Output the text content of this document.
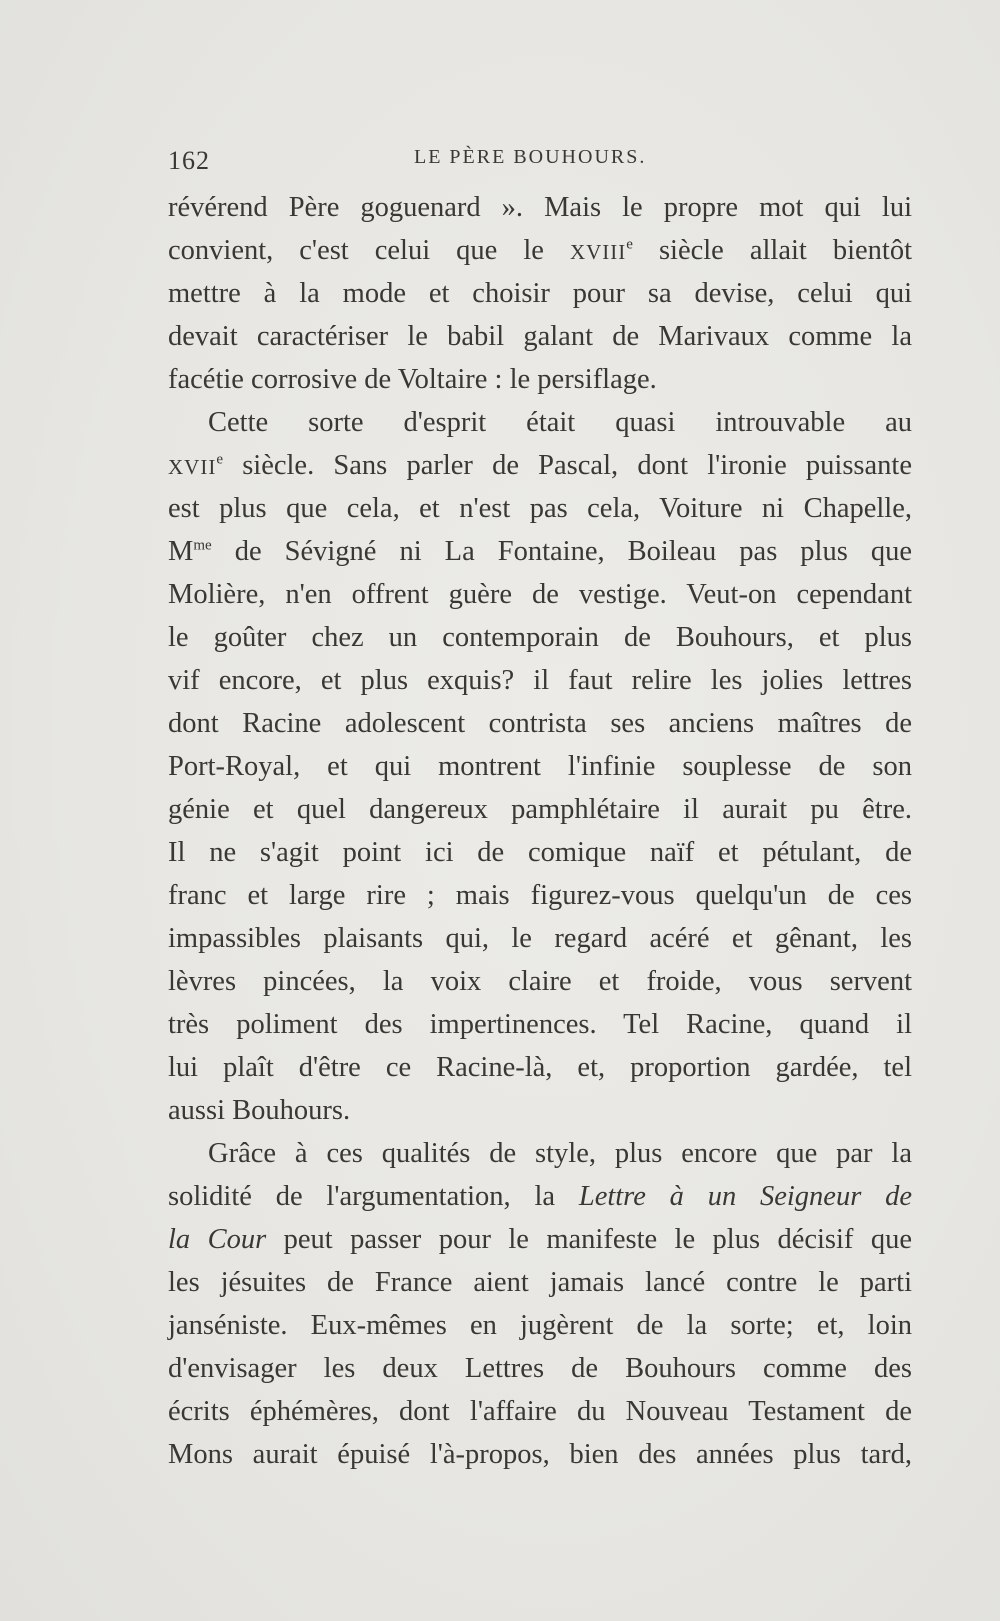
162	LE PÈRE BOUHOURS.
révérend Père goguenard ». Mais le propre mot qui lui
convient, c'est celui que le XVIIIe siècle allait bientôt
mettre à la mode et choisir pour sa devise, celui qui
devait caractériser le babil galant de Marivaux comme la
facétie corrosive de Voltaire : le persiflage.
Cette sorte d'esprit était quasi introuvable au
XVIIe siècle. Sans parler de Pascal, dont l'ironie puissante
est plus que cela, et n'est pas cela, Voiture ni Chapelle,
$M^{me}$ de Sévigné ni La Fontaine, Boileau pas plus que
Molière, n'en offrent guère de vestige. Veut-on cependant
le goûter chez un contemporain de Bouhours, et plus
vif encore, et plus exquis? il faut relire les jolies lettres
dont Racine adolescent contrista ses anciens maîtres de
Port-Royal, et qui montrent l'infinie souplesse de son
génie et quel dangereux pamphlétaire il aurait pu être.
Il ne s'agit point ici de comique naïf et pétulant, de
franc et large rire ; mais figurez-vous quelqu'un de ces
impassibles plaisants qui, le regard acéré et gênant, les
lèvres pincées, la voix claire et froide, vous servent
très poliment des impertinences. Tel Racine, quand il
lui plaît d'être ce Racine-là, et, proportion gardée, tel
aussi Bouhours.
Grâce à ces qualités de style, plus encore que par la
solidité de l'argumentation, la Lettre à un Seigneur de
la Cour peut passer pour le manifeste le plus décisif que
les jésuites de France aient jamais lancé contre le parti
janséniste. Eux-mêmes en jugèrent de la sorte; et, loin
d'envisager les deux Lettres de Bouhours comme des
écrits éphémères, dont l'affaire du Nouveau Testament de
Mons aurait épuisé l'à-propos, bien des années plus tard,
